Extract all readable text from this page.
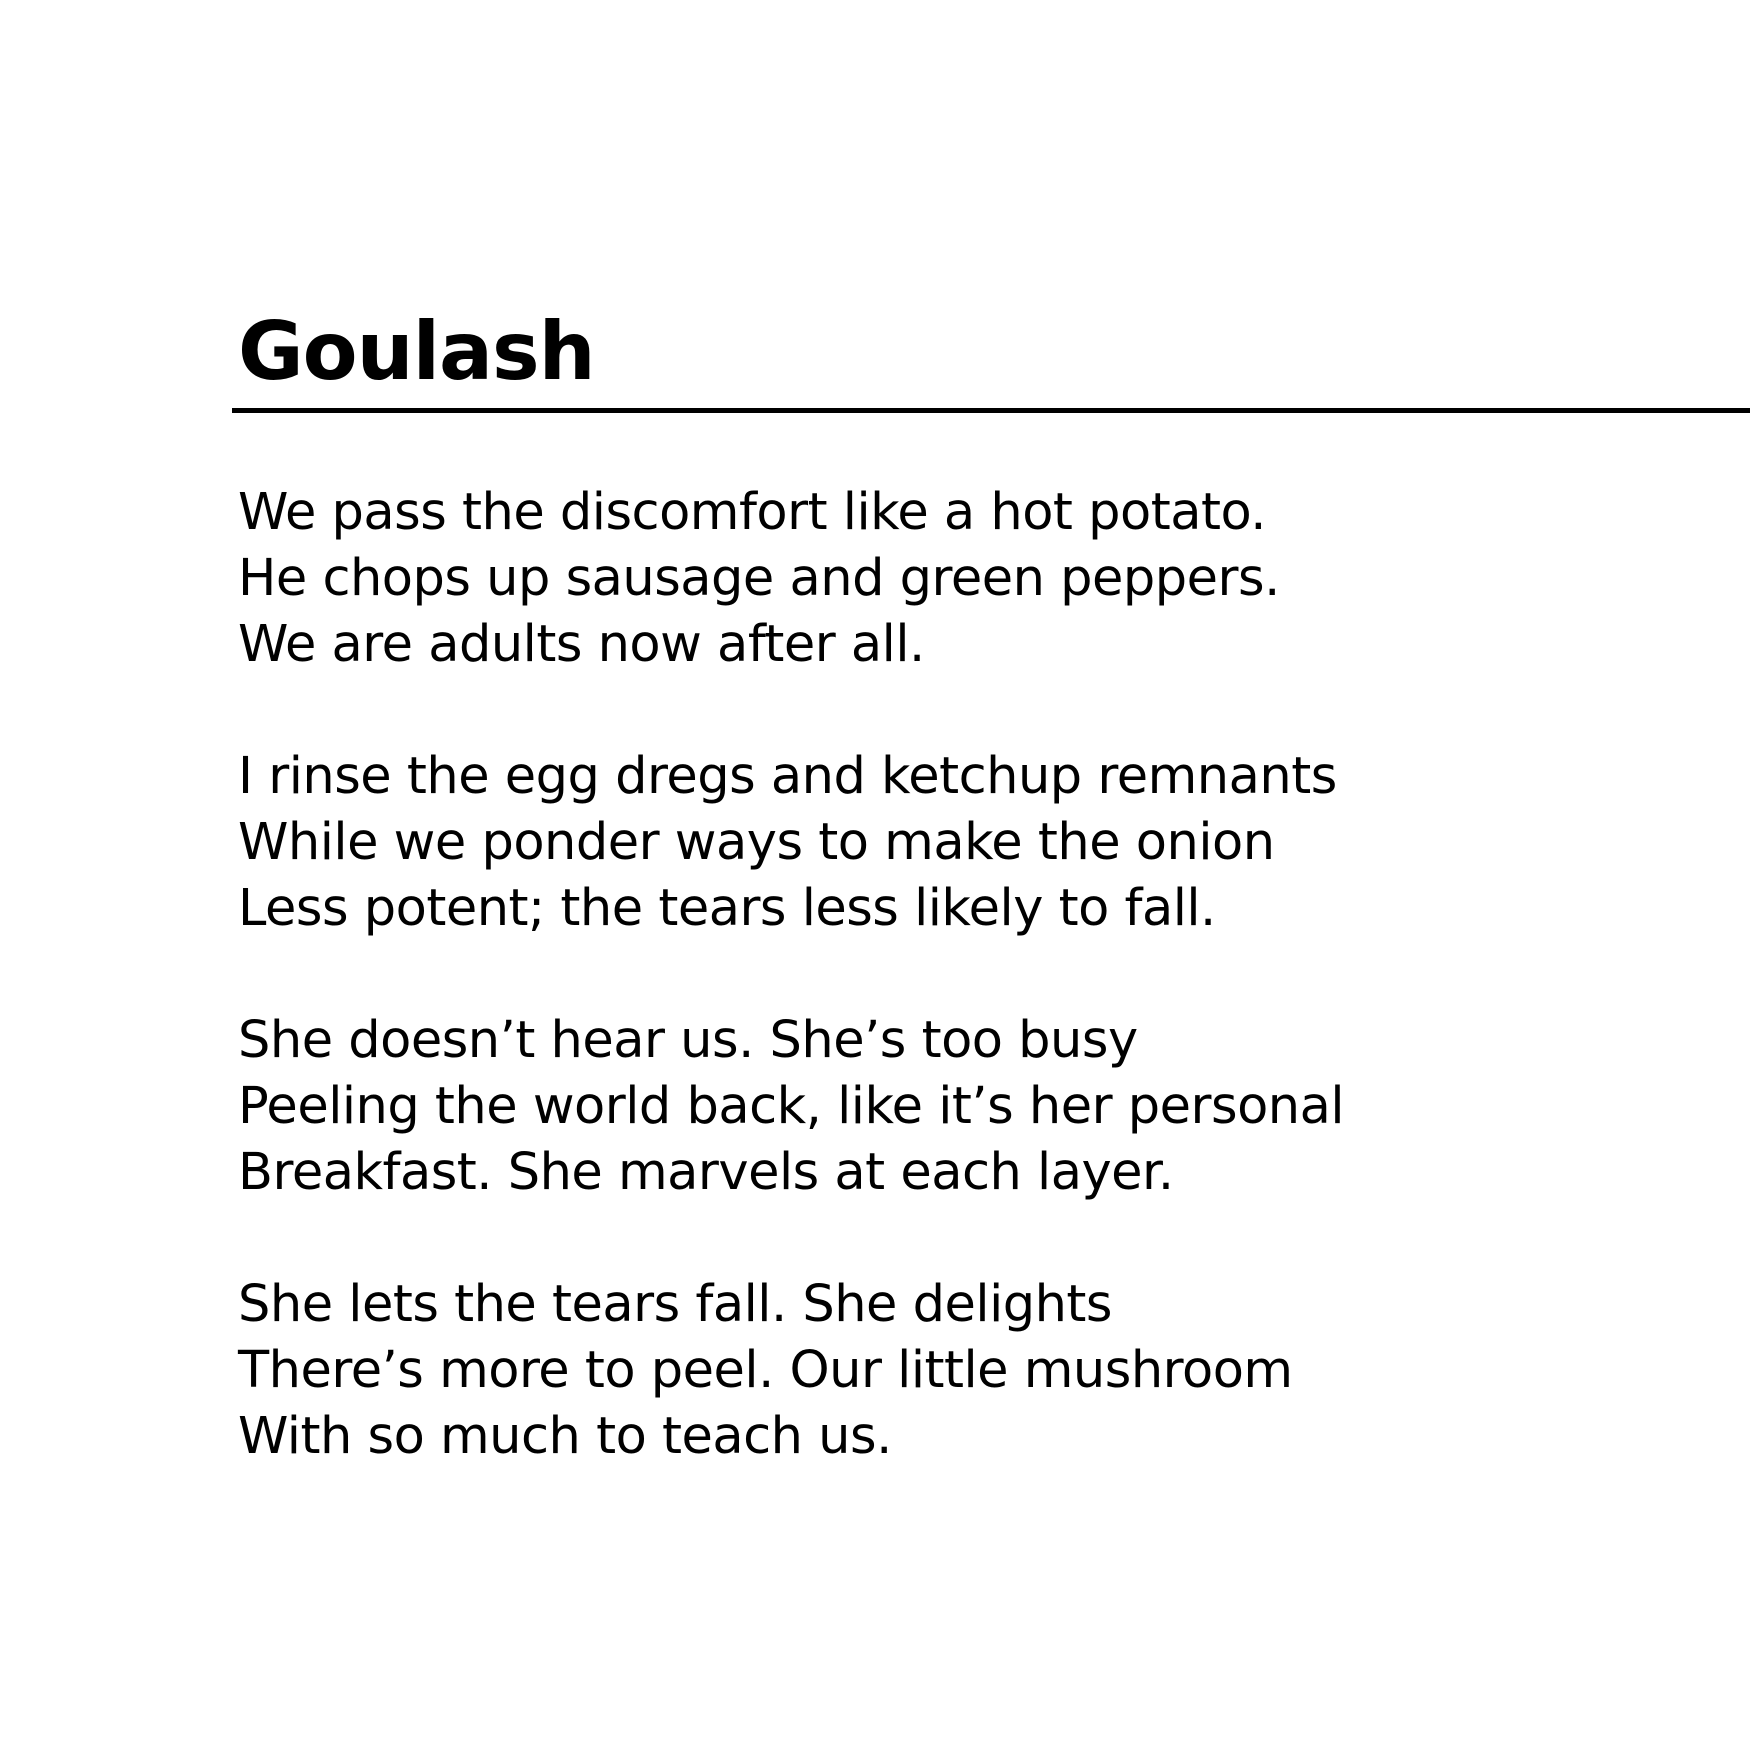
Goulash
We pass the discomfort like a hot potato.
He chops up sausage and green peppers.
We are adults now after all.
I rinse the egg dregs and ketchup remnants
While we ponder ways to make the onion
Less potent; the tears less likely to fall.
She doesn’t hear us. She’s too busy
Peeling the world back, like it’s her personal
Breakfast. She marvels at each layer.
She lets the tears fall. She delights
There’s more to peel. Our little mushroom
With so much to teach us.
